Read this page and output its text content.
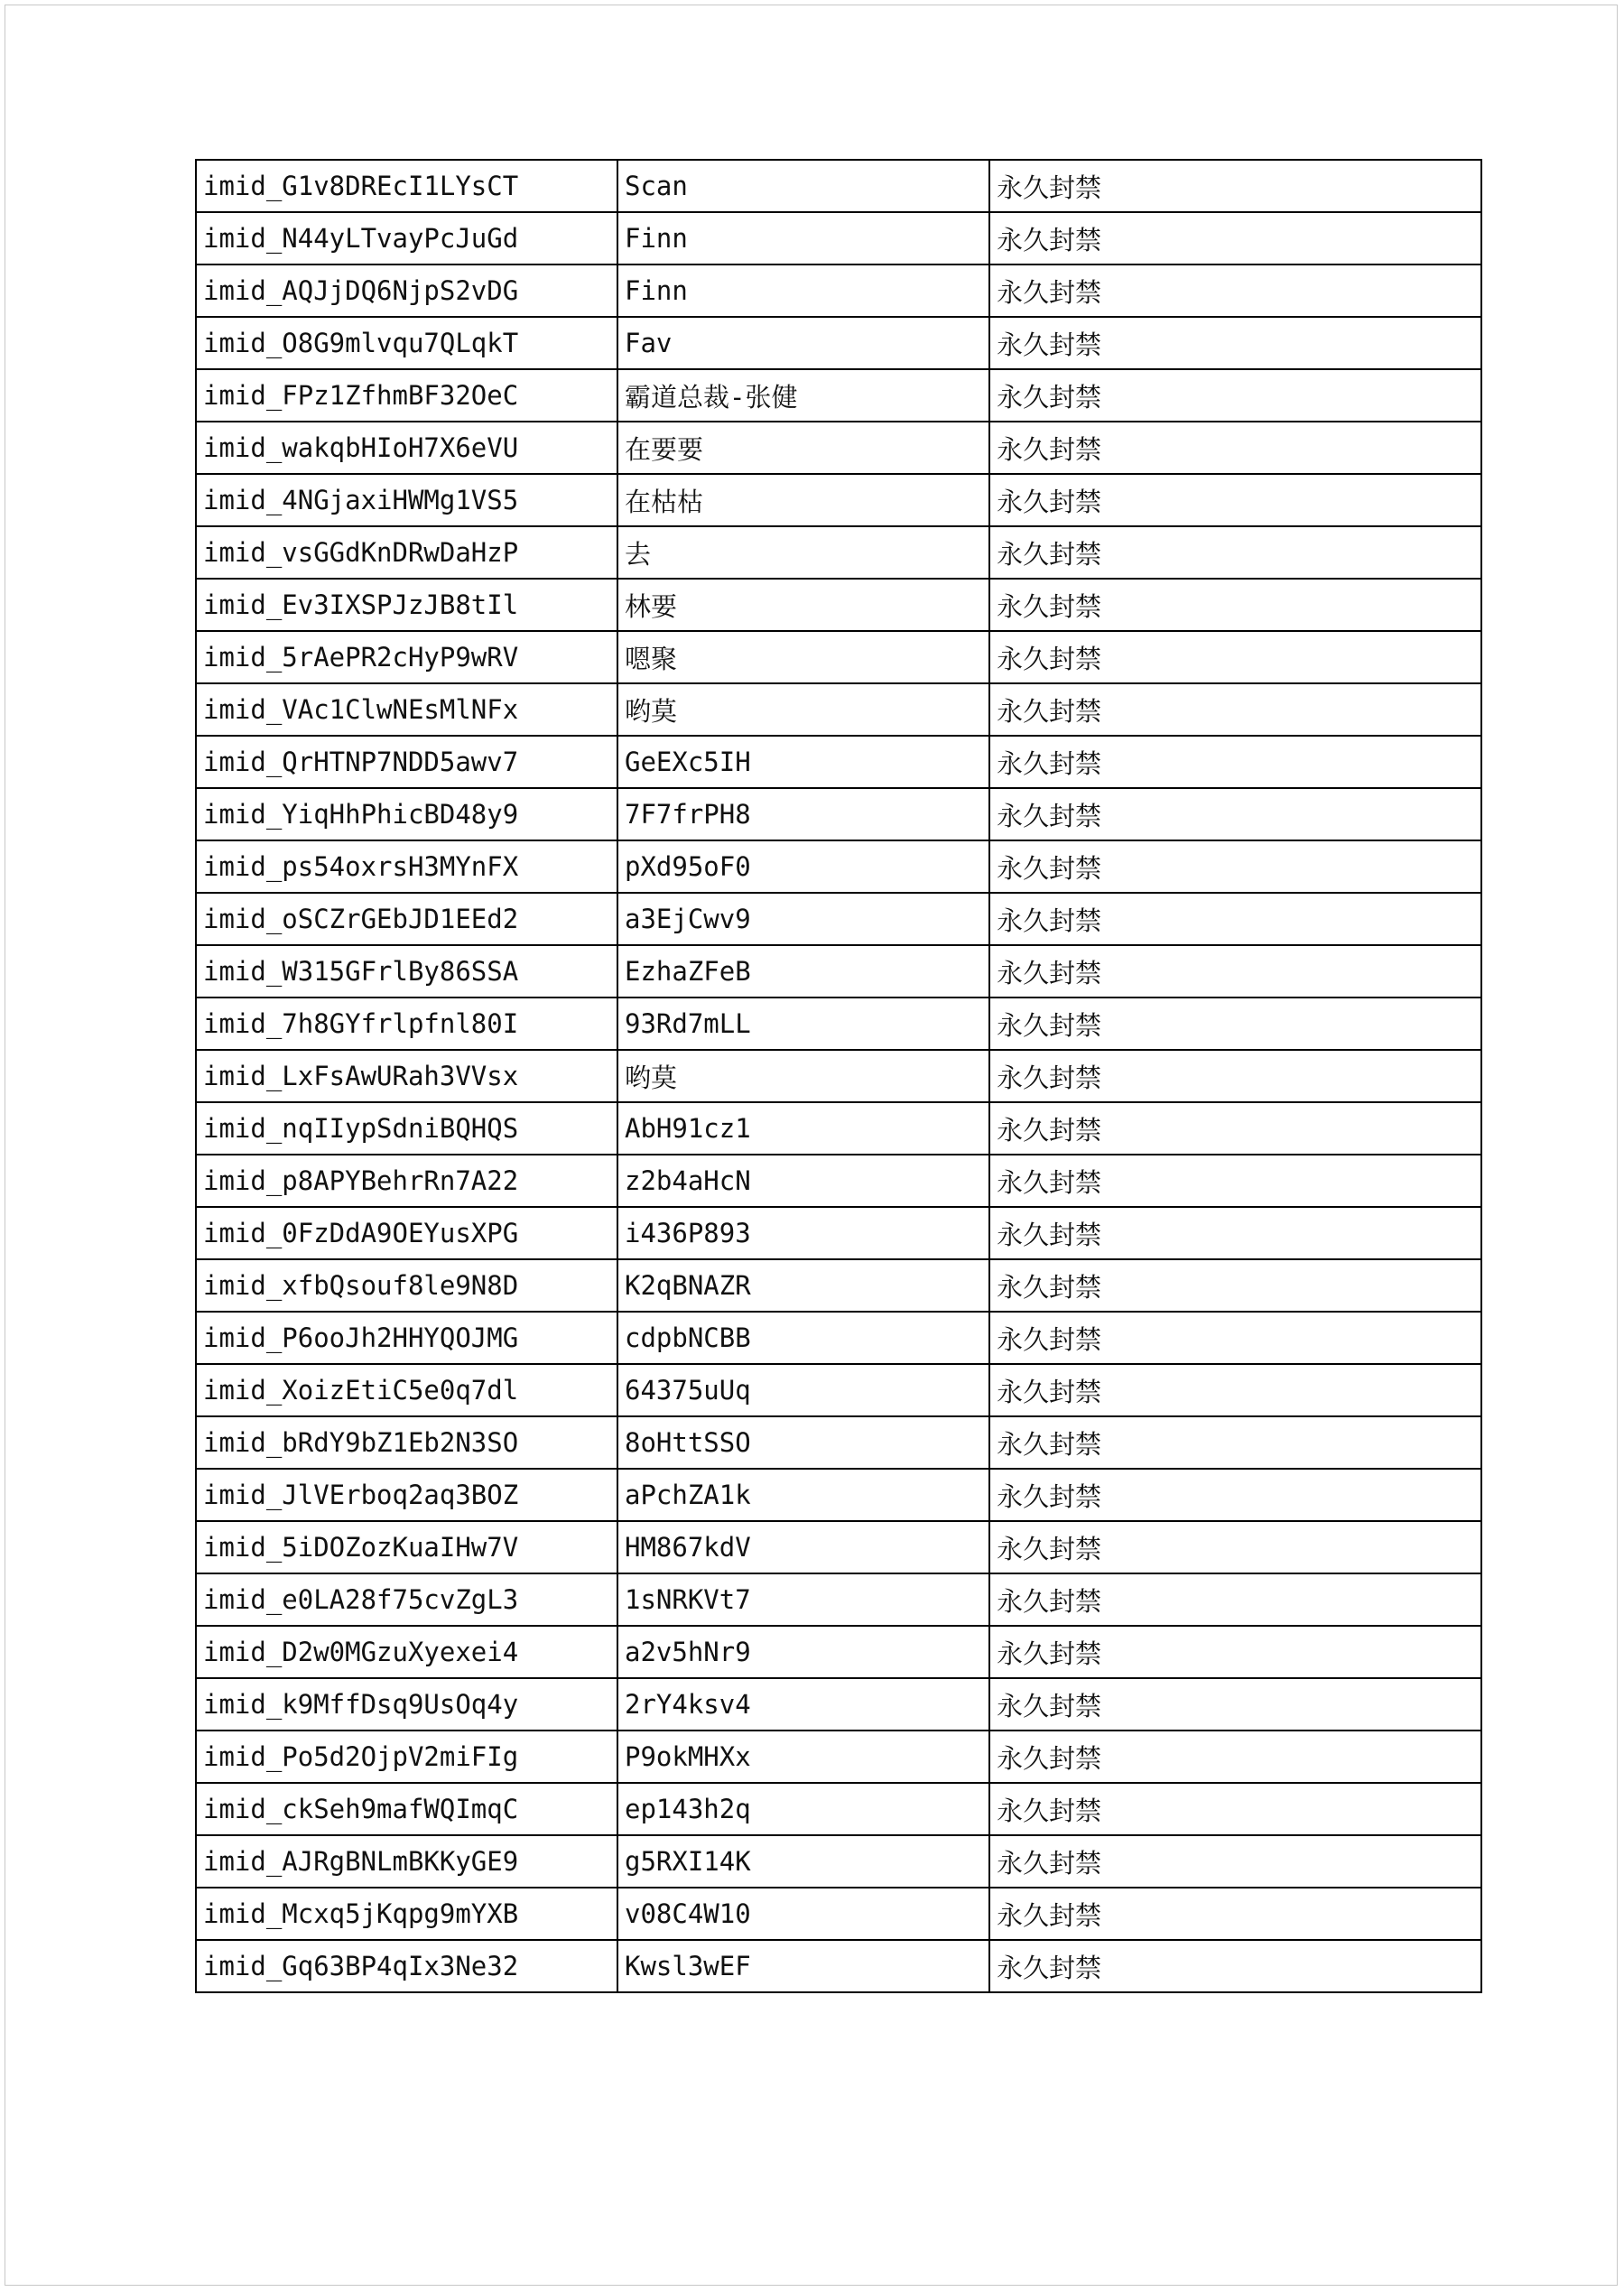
imid_G1v8DREcI1LYsCT	Scan	永久封禁
imid_N44yLTvayPcJuGd	Finn	永久封禁
imid_AQJjDQ6NjpS2vDG	Finn	永久封禁
imid_O8G9mlvqu7QLqkT	Fav	永久封禁
imid_FPz1ZfhmBF32OeC	霸道总裁-张健	永久封禁
imid_wakqbHIoH7X6eVU	在要要	永久封禁
imid_4NGjaxiHWMg1VS5	在枯枯	永久封禁
imid_vsGGdKnDRwDaHzP	去	永久封禁
imid_Ev3IXSPJzJB8tIl	林要	永久封禁
imid_5rAePR2cHyP9wRV	嗯聚	永久封禁
imid_VAc1ClwNEsMlNFx	哟莫	永久封禁
imid_QrHTNP7NDD5awv7	GeEXc5IH	永久封禁
imid_YiqHhPhicBD48y9	7F7frPH8	永久封禁
imid_ps54oxrsH3MYnFX	pXd95oF0	永久封禁
imid_oSCZrGEbJD1EEd2	a3EjCwv9	永久封禁
imid_W315GFrlBy86SSA	EzhaZFeB	永久封禁
imid_7h8GYfrlpfnl80I	93Rd7mLL	永久封禁
imid_LxFsAwURah3VVsx	哟莫	永久封禁
imid_nqIIypSdniBQHQS	AbH91cz1	永久封禁
imid_p8APYBehrRn7A22	z2b4aHcN	永久封禁
imid_0FzDdA9OEYusXPG	i436P893	永久封禁
imid_xfbQsouf8le9N8D	K2qBNAZR	永久封禁
imid_P6ooJh2HHYQOJMG	cdpbNCBB	永久封禁
imid_XoizEtiC5e0q7dl	64375uUq	永久封禁
imid_bRdY9bZ1Eb2N3SO	8oHttSSO	永久封禁
imid_JlVErboq2aq3BOZ	aPchZA1k	永久封禁
imid_5iDOZozKuaIHw7V	HM867kdV	永久封禁
imid_e0LA28f75cvZgL3	1sNRKVt7	永久封禁
imid_D2w0MGzuXyexei4	a2v5hNr9	永久封禁
imid_k9MffDsq9UsOq4y	2rY4ksv4	永久封禁
imid_Po5d2OjpV2miFIg	P9okMHXx	永久封禁
imid_ckSeh9mafWQImqC	ep143h2q	永久封禁
imid_AJRgBNLmBKKyGE9	g5RXI14K	永久封禁
imid_Mcxq5jKqpg9mYXB	v08C4W10	永久封禁
imid_Gq63BP4qIx3Ne32	Kwsl3wEF	永久封禁
